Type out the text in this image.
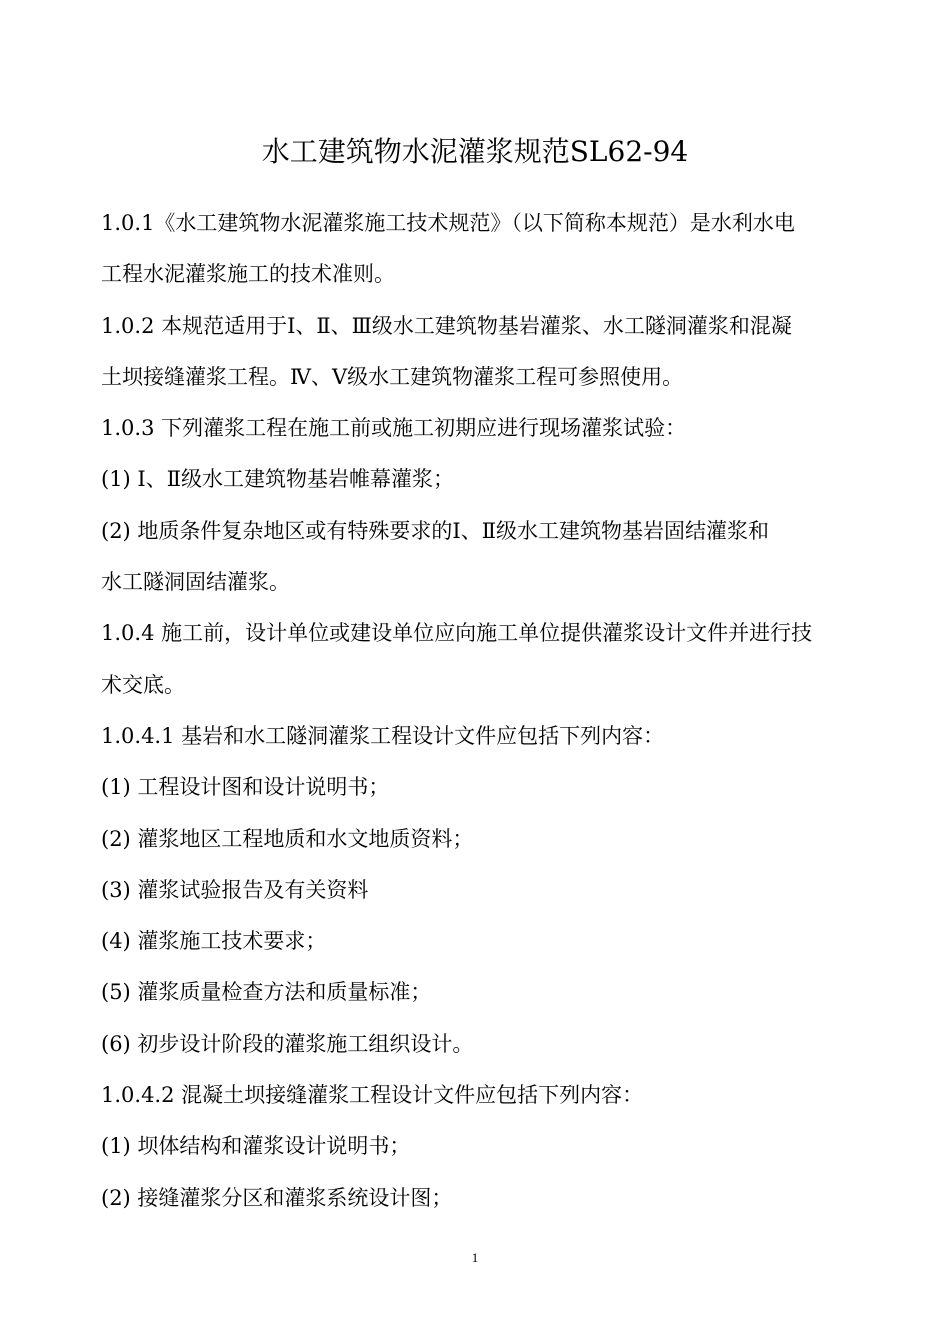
水工建筑物水泥灌浆规范SL62-94
1.0.1《水工建筑物水泥灌浆施工技术规范》（以下简称本规范）是水利水电
工程水泥灌浆施工的技术准则。
1.0.2 本规范适用于Ⅰ、Ⅱ、Ⅲ级水工建筑物基岩灌浆、水工隧洞灌浆和混凝
土坝接缝灌浆工程。Ⅳ、Ⅴ级水工建筑物灌浆工程可参照使用。
1.0.3 下列灌浆工程在施工前或施工初期应进行现场灌浆试验：
(1) Ⅰ、Ⅱ级水工建筑物基岩帷幕灌浆；
(2) 地质条件复杂地区或有特殊要求的Ⅰ、Ⅱ级水工建筑物基岩固结灌浆和
水工隧洞固结灌浆。
1.0.4 施工前，设计单位或建设单位应向施工单位提供灌浆设计文件并进行技
术交底。
1.0.4.1 基岩和水工隧洞灌浆工程设计文件应包括下列内容：
(1) 工程设计图和设计说明书；
(2) 灌浆地区工程地质和水文地质资料；
(3) 灌浆试验报告及有关资料
(4) 灌浆施工技术要求；
(5) 灌浆质量检查方法和质量标准；
(6) 初步设计阶段的灌浆施工组织设计。
1.0.4.2 混凝土坝接缝灌浆工程设计文件应包括下列内容：
(1) 坝体结构和灌浆设计说明书；
(2) 接缝灌浆分区和灌浆系统设计图；
1
